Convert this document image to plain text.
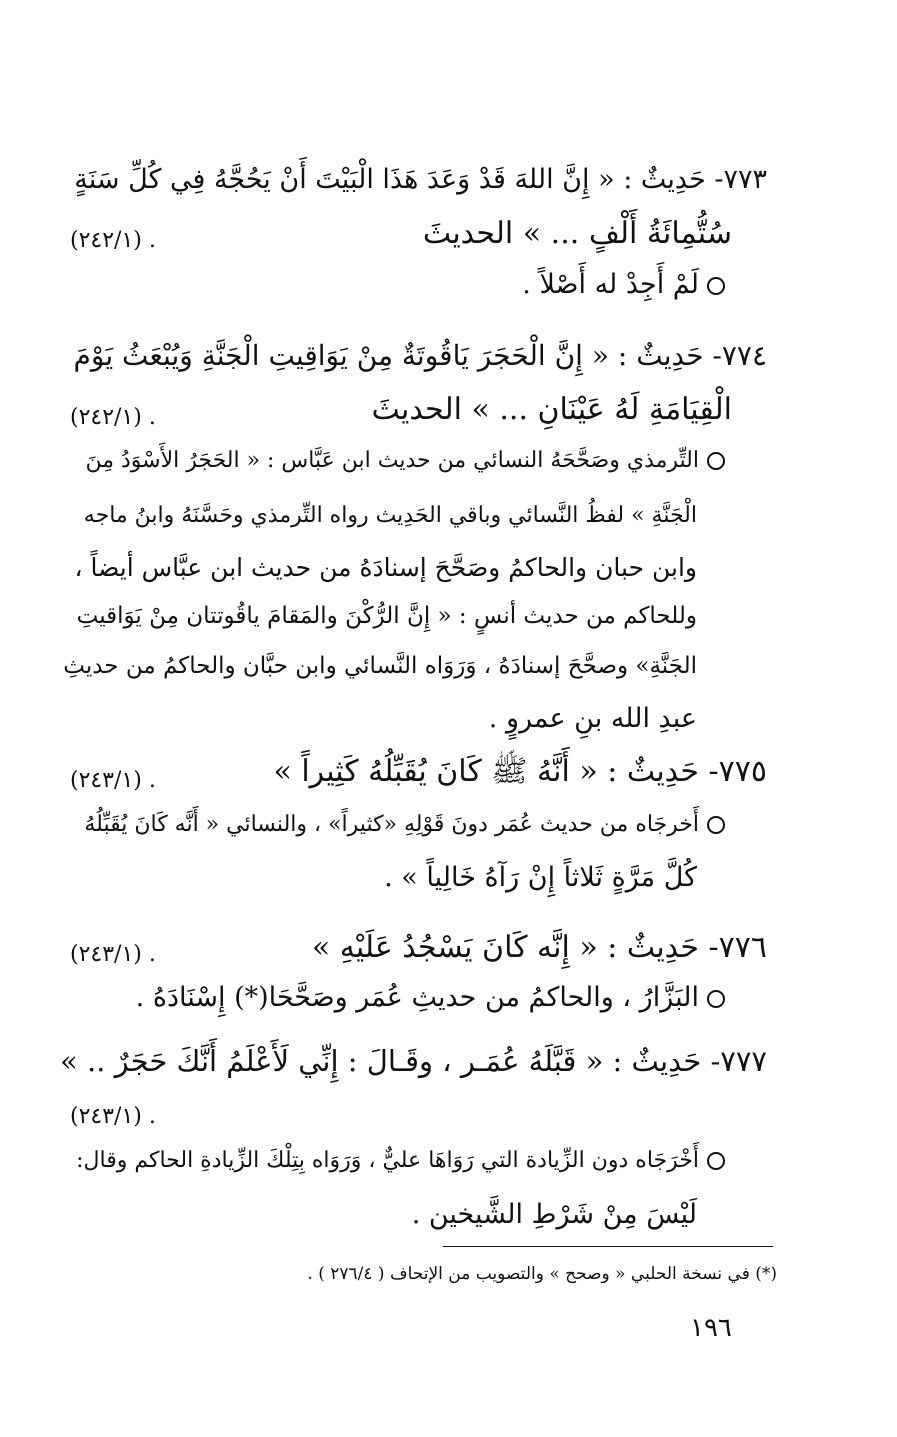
٧٧٣- حَدِيثٌ : « إِنَّ اللهَ قَدْ وَعَدَ هَذَا الْبَيْتَ أَنْ يَحُجَّهُ فِي كُلِّ سَنَةٍ
سُتُّمِائَةُ أَلْفٍ ... » الحديثَ
(٢٤٢/١) .
لَمْ أَجِدْ له أَصْلاً .
٧٧٤- حَدِيثٌ : « إِنَّ الْحَجَرَ يَاقُوتَةٌ مِنْ يَوَاقِيتِ الْجَنَّةِ وَيُبْعَثُ يَوْمَ
الْقِيَامَةِ لَهُ عَيْنَانِ ... » الحديثَ
(٢٤٢/١) .
التِّرمذي وصَحَّحَهُ النسائي من حديث ابن عَبَّاس : « الحَجَرُ الأَسْوَدُ مِنَ
الْجَنَّةِ » لفظُ النَّسائي وباقي الحَدِيث رواه التِّرمذي وحَسَّنَهُ وابنُ ماجه
وابن حبان والحاكمُ وصَحَّحَ إسنادَهُ من حديث ابن عبَّاس أيضاً ،
وللحاكم من حديث أنسٍ : « إِنَّ الرُّكْنَ والمَقامَ ياقُوتتان مِنْ يَوَاقيتِ
الجَنَّةِ» وصحَّحَ إسنادَهُ ، وَرَوَاه النَّسائي وابن حبَّان والحاكمُ من حديثِ
عبدِ الله بنِ عمروٍ .
٧٧٥- حَدِيثٌ : « أَنَّهُ ﷺ كَانَ يُقَبِّلُهُ كَثِيراً »
(٢٤٣/١) .
أَخرجَاه من حديث عُمَر دونَ قَوْلِهِ «كثيراً» ، والنسائي « أَنَّه كَانَ يُقَبِّلُهُ
كُلَّ مَرَّةٍ ثَلاثاً إِنْ رَآهُ خَالِياً » .
٧٧٦- حَدِيثٌ : « إِنَّه كَانَ يَسْجُدُ عَلَيْهِ »
(٢٤٣/١) .
البَزَّارُ ، والحاكمُ من حديثِ عُمَر وصَحَّحَا(*) إِسْنَادَهُ .
٧٧٧- حَدِيثٌ : « قَبَّلَهُ عُمَـر ، وقَـالَ : إِنِّي لَأَعْلَمُ أَنَّكَ حَجَرٌ .. »
(٢٤٣/١) .
أَخْرَجَاه دون الزِّيادة التي رَوَاهَا عليٌّ ، وَرَوَاه بِتِلْكَ الزِّيادةِ الحاكم وقال:
لَيْسَ مِنْ شَرْطِ الشَّيخين .
(*) في نسخة الحلبي « وصحح » والتصويب من الإتحاف ( ٢٧٦/٤ ) .
١٩٦
